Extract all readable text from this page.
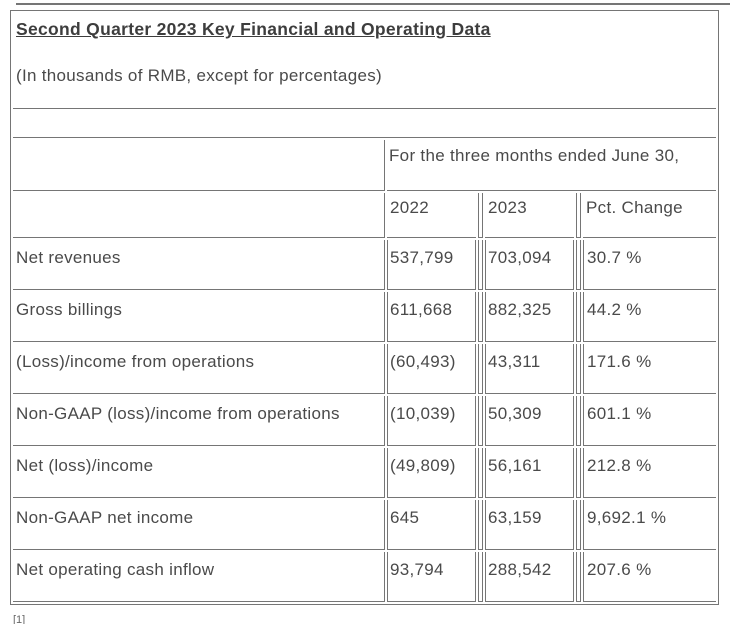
Second Quarter 2023 Key Financial and Operating Data
(In thousands of RMB, except for percentages)					

	For the three months ended June 30,				
	2022		2023		Pct. Change
Net revenues	537,799		703,094		30.7 %
Gross billings	611,668		882,325		44.2 %
(Loss)/income from operations	(60,493)		43,311		171.6 %
Non-GAAP (loss)/income from operations	(10,039)		50,309		601.1 %
Net (loss)/income	(49,809)		56,161		212.8 %
Non-GAAP net income	645		63,159		9,692.1 %
Net operating cash inflow	93,794		288,542		207.6 %
[1]
